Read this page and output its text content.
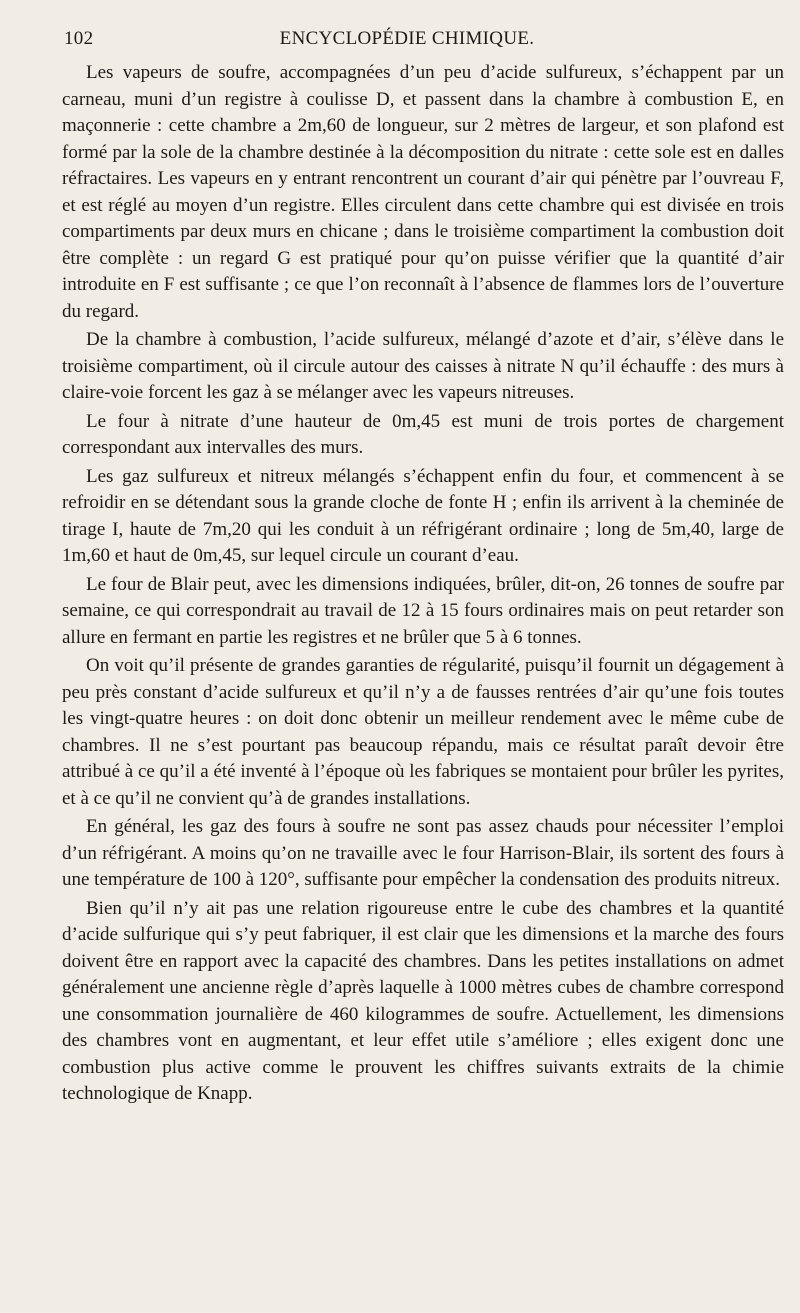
102	ENCYCLOPÉDIE CHIMIQUE.

Les vapeurs de soufre, accompagnées d’un peu d’acide sulfureux, s’échappent par un carneau, muni d’un registre à coulisse D, et passent dans la chambre à combustion E, en maçonnerie : cette chambre a 2m,60 de longueur, sur 2 mètres de largeur, et son plafond est formé par la sole de la chambre destinée à la décomposition du nitrate : cette sole est en dalles réfractaires. Les vapeurs en y entrant rencontrent un courant d’air qui pénètre par l’ouvreau F, et est réglé au moyen d’un registre. Elles circulent dans cette chambre qui est divisée en trois compartiments par deux murs en chicane ; dans le troisième compartiment la combustion doit être complète : un regard G est pratiqué pour qu’on puisse vérifier que la quantité d’air introduite en F est suffisante ; ce que l’on reconnaît à l’absence de flammes lors de l’ouverture du regard.

De la chambre à combustion, l’acide sulfureux, mélangé d’azote et d’air, s’élève dans le troisième compartiment, où il circule autour des caisses à nitrate N qu’il échauffe : des murs à claire-voie forcent les gaz à se mélanger avec les vapeurs nitreuses.

Le four à nitrate d’une hauteur de 0m,45 est muni de trois portes de chargement correspondant aux intervalles des murs.

Les gaz sulfureux et nitreux mélangés s’échappent enfin du four, et commencent à se refroidir en se détendant sous la grande cloche de fonte H ; enfin ils arrivent à la cheminée de tirage I, haute de 7m,20 qui les conduit à un réfrigérant ordinaire ; long de 5m,40, large de 1m,60 et haut de 0m,45, sur lequel circule un courant d’eau.

Le four de Blair peut, avec les dimensions indiquées, brûler, dit-on, 26 tonnes de soufre par semaine, ce qui correspondrait au travail de 12 à 15 fours ordinaires mais on peut retarder son allure en fermant en partie les registres et ne brûler que 5 à 6 tonnes.

On voit qu’il présente de grandes garanties de régularité, puisqu’il fournit un dégagement à peu près constant d’acide sulfureux et qu’il n’y a de fausses rentrées d’air qu’une fois toutes les vingt-quatre heures : on doit donc obtenir un meilleur rendement avec le même cube de chambres. Il ne s’est pourtant pas beaucoup répandu, mais ce résultat paraît devoir être attribué à ce qu’il a été inventé à l’époque où les fabriques se montaient pour brûler les pyrites, et à ce qu’il ne convient qu’à de grandes installations.

En général, les gaz des fours à soufre ne sont pas assez chauds pour nécessiter l’emploi d’un réfrigérant. A moins qu’on ne travaille avec le four Harrison-Blair, ils sortent des fours à une température de 100 à 120°, suffisante pour empêcher la condensation des produits nitreux.

Bien qu’il n’y ait pas une relation rigoureuse entre le cube des chambres et la quantité d’acide sulfurique qui s’y peut fabriquer, il est clair que les dimensions et la marche des fours doivent être en rapport avec la capacité des chambres. Dans les petites installations on admet généralement une ancienne règle d’après laquelle à 1000 mètres cubes de chambre correspond une consommation journalière de 460 kilogrammes de soufre. Actuellement, les dimensions des chambres vont en augmentant, et leur effet utile s’améliore ; elles exigent donc une combustion plus active comme le prouvent les chiffres suivants extraits de la chimie technologique de Knapp.
